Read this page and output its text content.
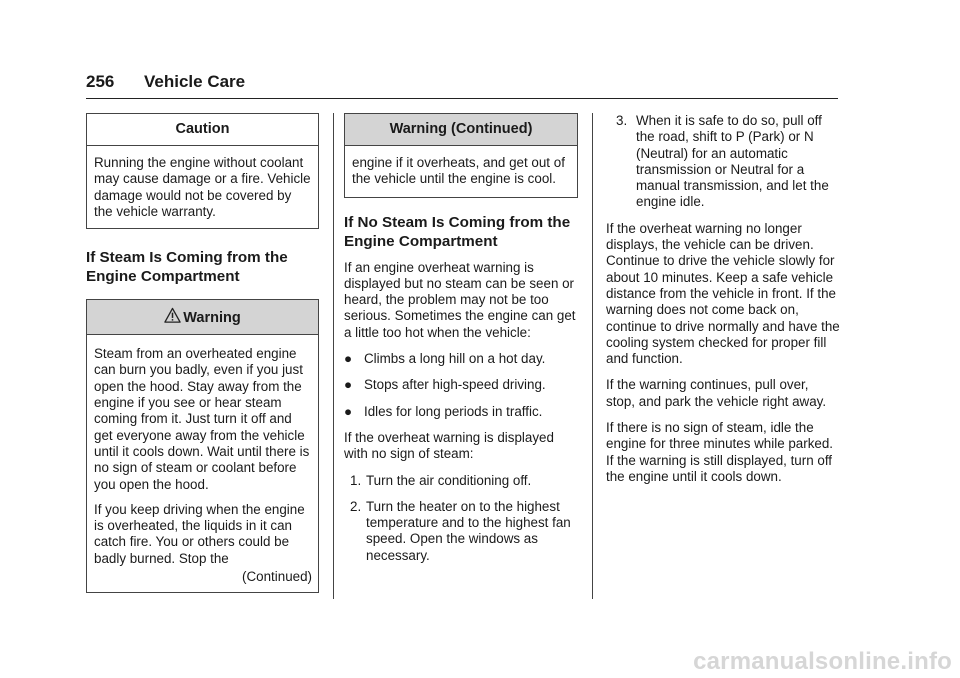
256 Vehicle Care
Caution

Running the engine without coolant may cause damage or a fire. Vehicle damage would not be covered by the vehicle warranty.

If Steam Is Coming from the Engine Compartment
Warning

Steam from an overheated engine can burn you badly, even if you just open the hood. Stay away from the engine if you see or hear steam coming from it. Just turn it off and get everyone away from the vehicle until it cools down. Wait until there is no sign of steam or coolant before you open the hood.

If you keep driving when the engine is overheated, the liquids in it can catch fire. You or others could be badly burned. Stop the

(Continued)
Warning (Continued)

engine if it overheats, and get out of the vehicle until the engine is cool.

If No Steam Is Coming from the Engine Compartment

If an engine overheat warning is displayed but no steam can be seen or heard, the problem may not be too serious. Sometimes the engine can get a little too hot when the vehicle:

● Climbs a long hill on a hot day.
● Stops after high-speed driving.
● Idles for long periods in traffic.

If the overheat warning is displayed with no sign of steam:

1. Turn the air conditioning off.
2. Turn the heater on to the highest temperature and to the highest fan speed. Open the windows as necessary.
3. When it is safe to do so, pull off the road, shift to P (Park) or N (Neutral) for an automatic transmission or Neutral for a manual transmission, and let the engine idle.

If the overheat warning no longer displays, the vehicle can be driven. Continue to drive the vehicle slowly for about 10 minutes. Keep a safe vehicle distance from the vehicle in front. If the warning does not come back on, continue to drive normally and have the cooling system checked for proper fill and function.

If the warning continues, pull over, stop, and park the vehicle right away.

If there is no sign of steam, idle the engine for three minutes while parked. If the warning is still displayed, turn off the engine until it cools down.

carmanualsonline.info
